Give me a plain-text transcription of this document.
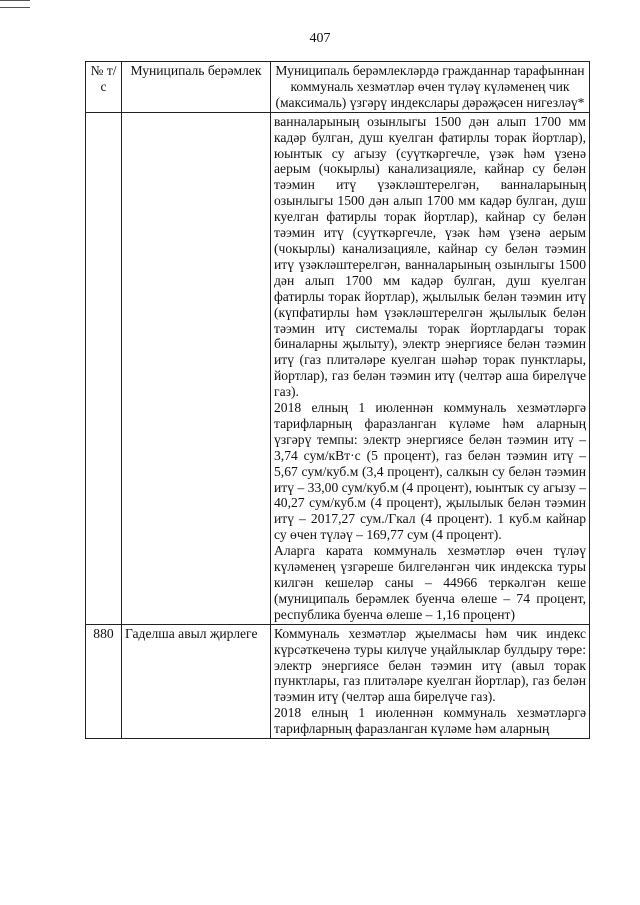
407
№ т/с	Муниципаль берәмлек	Муниципаль берәмлекләрдә гражданнар тарафыннан коммуналь хезмәтләр өчен түләү күләменең чик (максималь) үзгәрү индекслары дәрәҗәсен нигезләү*

		ванналарының озынлыгы 1500 дән алып 1700 мм кадәр булган, душ куелган фатирлы торак йортлар), юынтык су агызу (суүткәргечле, үзәк һәм үзенә аерым (чокырлы) канализацияле, кайнар су белән тәэмин итү үзәкләштерелгән, ванналарының озынлыгы 1500 дән алып 1700 мм кадәр булган, душ куелган фатирлы торак йортлар), кайнар су белән тәэмин итү (суүткәргечле, үзәк һәм үзенә аерым (чокырлы) канализацияле, кайнар су белән тәэмин итү үзәкләштерелгән, ванналарының озынлыгы 1500 дән алып 1700 мм кадәр булган, душ куелган фатирлы торак йортлар), җылылык белән тәэмин итү (күпфатирлы һәм үзәкләштерелгән җылылык белән тәэмин итү системалы торак йортлардагы торак биналарны җылыту), электр энергиясе белән тәэмин итү (газ плитәләре куелган шәһәр торак пунктлары, йортлар), газ белән тәэмин итү (челтәр аша бирелүче газ).

2018 елның 1 июленнән коммуналь хезмәтләргә тарифларның фаразланган күләме һәм аларның үзгәрү темпы: электр энергиясе белән тәэмин итү – 3,74 сум/кВт·с (5 процент), газ белән тәэмин итү – 5,67 сум/куб.м (3,4 процент), салкын су белән тәэмин итү – 33,00 сум/куб.м (4 процент), юынтык су агызу – 40,27 сум/куб.м (4 процент), җылылык белән тәэмин итү – 2017,27 сум./Гкал (4 процент). 1 куб.м кайнар су өчен түләү – 169,77 сум (4 процент).

Аларга карата коммуналь хезмәтләр өчен түләү күләменең үзгәреше билгеләнгән чик индекска туры килгән кешеләр саны – 44966 теркәлгән кеше (муниципаль берәмлек буенча өлеше – 74 процент, республика буенча өлеше – 1,16 процент)

880	Гаделша авыл җирлеге	Коммуналь хезмәтләр җыелмасы һәм чик индекс күрсәткеченә туры килүче уңайлыклар булдыру төре: электр энергиясе белән тәэмин итү (авыл торак пунктлары, газ плитәләре куелган йортлар), газ белән тәэмин итү (челтәр аша бирелүче газ).

2018 елның 1 июленнән коммуналь хезмәтләргә тарифларның фаразланган күләме һәм аларның
